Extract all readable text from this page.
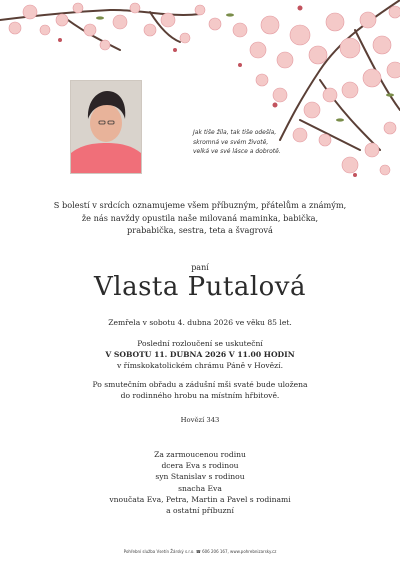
Jak tiše žila, tak tiše odešla,
skromná ve svém životě,
velká ve své lásce a dobrotě.
S bolestí v srdcích oznamujeme všem příbuzným, přátelům a známým,
že nás navždy opustila naše milovaná maminka, babička,
prababička, sestra, teta a švagrová
paní
Vlasta Putalová
Zemřela v sobotu 4. dubna 2026 ve věku 85 let.
Poslední rozloučení se uskuteční
V SOBOTU 11. DUBNA 2026 V 11.00 HODIN
v římskokatolickém chrámu Páně v Hovězí.
Po smutečním obřadu a zádušní mši svaté bude uložena
do rodinného hrobu na místním hřbitově.
Hovězí 343
Za zarmoucenou rodinu
dcera Eva s rodinou
syn Stanislav s rodinou
snacha Eva
vnoučata Eva, Petra, Martin a Pavel s rodinami
a ostatní příbuzní
Pohřební služba Vsetín Žárský s.r.o. ☎ 606 206 167, www.pohrebnizarsky.cz
